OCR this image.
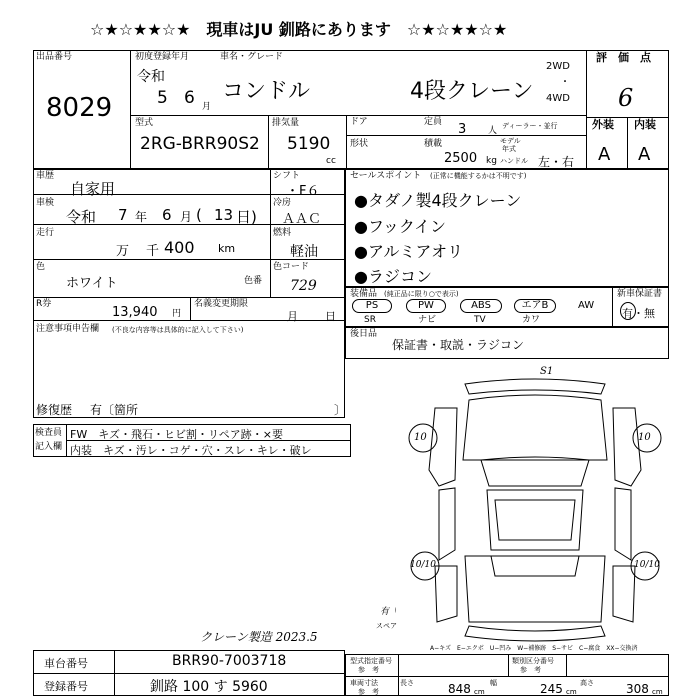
☆★☆★★☆★　現車はJU 釧路にあります　☆★☆★★☆★
出品番号
8029
初度登録年月
令和
5 6 月
車名・グレード
コンドル	4段クレーン
2WD
・
4WD
評　価　点
6
型式
2RG-BRR90S2
排気量
5190
cc
ドア	定員 3 人 ディーラー・並行
形状	積載
2500 kg
モデル
年式
ハンドル 左・右
外装 内装
A A
車歴
自家用
シフト
・F６
車検
令和 7 年 6 月 ( 13 日)
冷房
ＡＡＣ
走行
万 千 400 km
燃料
軽油
色
ホワイト	色番
色コード
729
R券
13,940 円
名義変更期限
月 日
注意事項申告欄 (不良な内容等は具体的に記入して下さい)
修復歴 有〔 箇所	〕
セールスポイント (正常に機能するかは不明です)
●タダノ製4段クレーン
●フックイン
●アルミアオリ
●ラジコン
装備品 (純正品に限り○で表示)
PS
SR
PW
ナビ
ABS
TV
エアB
カワ
AW
新車保証書
有・無
後日品
保証書・取説・ラジコン
検査員
記入欄
FW　キズ・飛石・ヒビ割・リペア跡・×要
内装　キズ・汚レ・コゲ・穴・スレ・キレ・破レ
S1
10	10
10/10	10/10
有
スペア
クレーン製造 2023.5
A−キズ　E−エクボ　U−凹み　W−補修跡　S−サビ　C−腐食　XX−交換済
車台番号	BRR90-7003718
登録番号	釧路 100 す 5960
型式指定番号
参　考
類別区分番号
参　考
車両寸法
参　考
長さ	848 cm
幅	245 cm
高さ	308 cm
